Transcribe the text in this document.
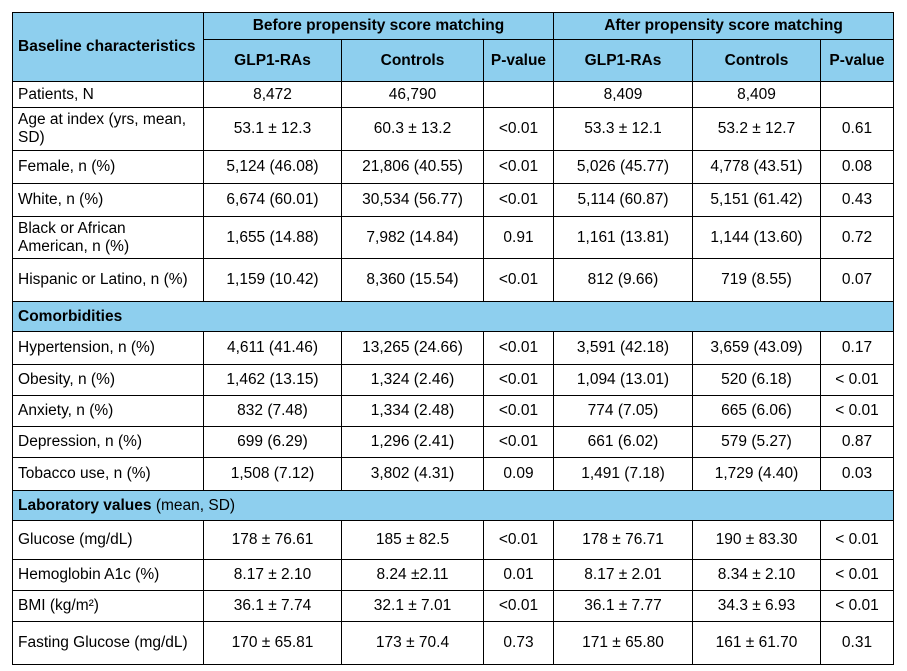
Baseline characteristics	Before propensity score matching			After propensity score matching		
	GLP1-RAs	Controls	P-value	GLP1-RAs	Controls	P-value
Patients, N	8,472	46,790		8,409	8,409	
Age at index (yrs, mean, SD)	53.1 ± 12.3	60.3 ± 13.2	<0.01	53.3 ± 12.1	53.2 ± 12.7	0.61
Female, n (%)	5,124 (46.08)	21,806 (40.55)	<0.01	5,026 (45.77)	4,778 (43.51)	0.08
White, n (%)	6,674 (60.01)	30,534 (56.77)	<0.01	5,114 (60.87)	5,151 (61.42)	0.43
Black or African American, n (%)	1,655 (14.88)	7,982 (14.84)	0.91	1,161 (13.81)	1,144 (13.60)	0.72
Hispanic or Latino, n (%)	1,159 (10.42)	8,360 (15.54)	<0.01	812 (9.66)	719 (8.55)	0.07
Comorbidities						
Hypertension, n (%)	4,611 (41.46)	13,265 (24.66)	<0.01	3,591 (42.18)	3,659 (43.09)	0.17
Obesity, n (%)	1,462 (13.15)	1,324 (2.46)	<0.01	1,094 (13.01)	520 (6.18)	< 0.01
Anxiety, n (%)	832 (7.48)	1,334 (2.48)	<0.01	774 (7.05)	665 (6.06)	< 0.01
Depression, n (%)	699 (6.29)	1,296 (2.41)	<0.01	661 (6.02)	579 (5.27)	0.87
Tobacco use, n (%)	1,508 (7.12)	3,802 (4.31)	0.09	1,491 (7.18)	1,729 (4.40)	0.03
Laboratory values (mean, SD)						
Glucose (mg/dL)	178 ± 76.61	185 ± 82.5	<0.01	178 ± 76.71	190 ± 83.30	< 0.01
Hemoglobin A1c (%)	8.17 ± 2.10	8.24 ±2.11	0.01	8.17 ± 2.01	8.34 ± 2.10	< 0.01
BMI (kg/m²)	36.1 ± 7.74	32.1 ± 7.01	<0.01	36.1 ± 7.77	34.3 ± 6.93	< 0.01
Fasting Glucose (mg/dL)	170 ± 65.81	173 ± 70.4	0.73	171 ± 65.80	161 ± 61.70	0.31
